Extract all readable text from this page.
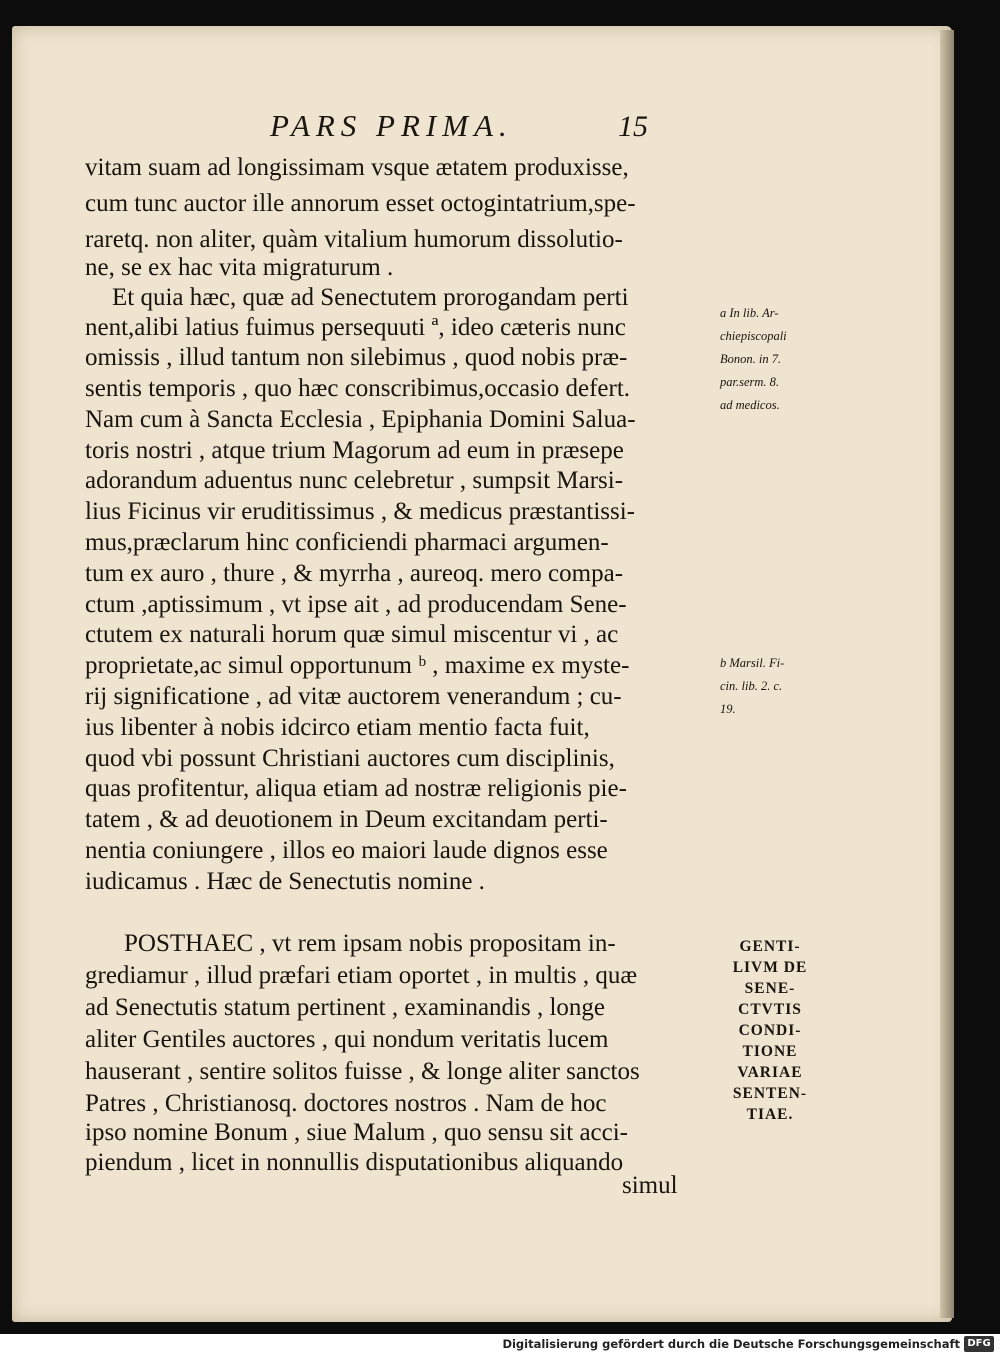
PARS PRIMA.	15
vitam suam ad longissimam vsque ætatem produxisse,
cum tunc auctor ille annorum esset octogintatrium,spe-
raretq. non aliter, quàm vitalium humorum dissolutio-
ne, se ex hac vita migraturum .
Et quia hæc, quæ ad Senectutem prorogandam perti
nent,alibi latius fuimus persequuti ª, ideo cæteris nunc
omissis , illud tantum non silebimus , quod nobis præ-
sentis temporis , quo hæc conscribimus,occasio defert.
Nam cum à Sancta Ecclesia , Epiphania Domini Salua-
toris nostri , atque trium Magorum ad eum in præsepe
adorandum aduentus nunc celebretur , sumpsit Marsi-
lius Ficinus vir eruditissimus , & medicus præstantissi-
mus,præclarum hinc conficiendi pharmaci argumen-
tum ex auro , thure , & myrrha , aureoq. mero compa-
ctum ,aptissimum , vt ipse ait , ad producendam Sene-
ctutem ex naturali horum quæ simul miscentur vi , ac
proprietate,ac simul opportunum ᵇ , maxime ex myste-
rij significatione , ad vitæ auctorem venerandum ; cu-
ius libenter à nobis idcirco etiam mentio facta fuit,
quod vbi possunt Christiani auctores cum disciplinis,
quas profitentur, aliqua etiam ad nostræ religionis pie-
tatem , & ad deuotionem in Deum excitandam perti-
nentia coniungere , illos eo maiori laude dignos esse
iudicamus . Hæc de Senectutis nomine .
POSTHAEC , vt rem ipsam nobis propositam in-
grediamur , illud præfari etiam oportet , in multis , quæ
ad Senectutis statum pertinent , examinandis , longe
aliter Gentiles auctores , qui nondum veritatis lucem
hauserant , sentire solitos fuisse , & longe aliter sanctos
Patres , Christianosq. doctores nostros . Nam de hoc
ipso nomine Bonum , siue Malum , quo sensu sit acci-
piendum , licet in nonnullis disputationibus aliquando
simul
a In lib. Ar-
chiepiscopali
Bonon. in 7.
par.serm. 8.
ad medicos.
b Marsil. Fi-
cin. lib. 2. c.
19.
GENTI-
LIVM DE
SENE-
CTVTIS
CONDI-
TIONE
VARIAE
SENTEN-
TIAE.
Digitalisierung gefördert durch die Deutsche Forschungsgemeinschaft DFG
